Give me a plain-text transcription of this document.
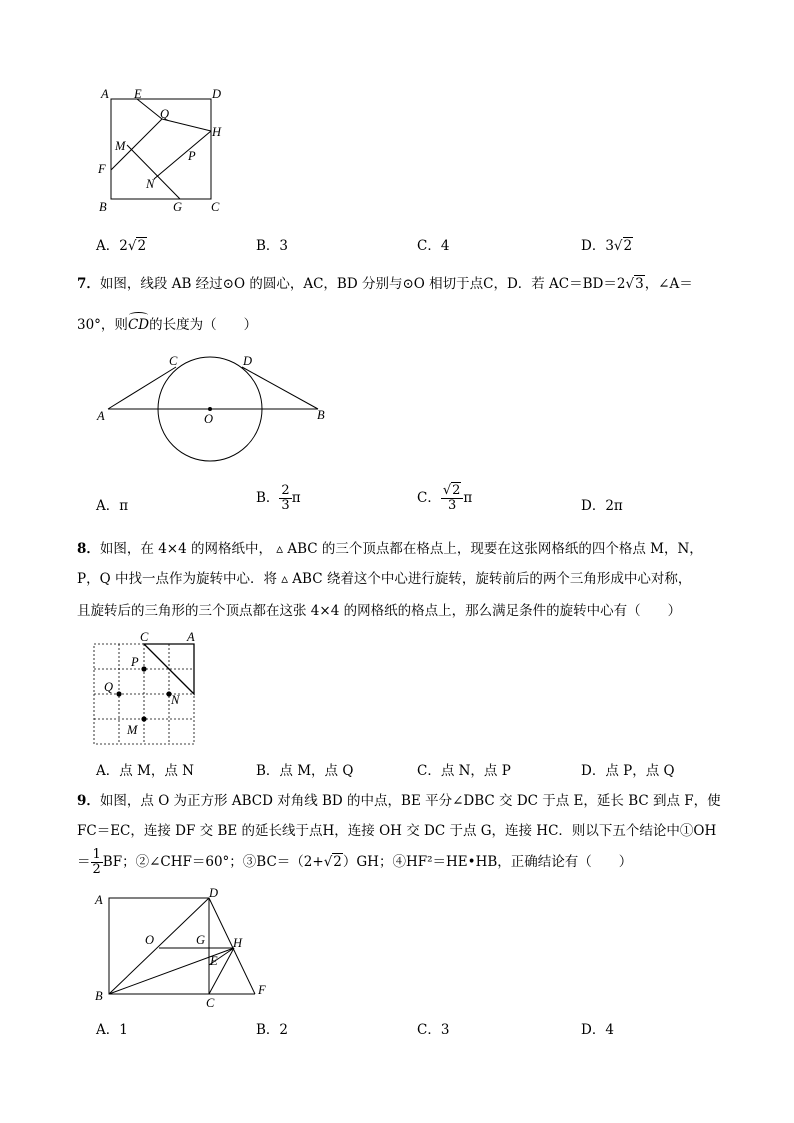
A E	D
Q
H
M
P
F
N
B	G C
A．2√2	B．3	C．4	D．3√2
7．如图，线段 AB 经过⊙O 的圆心，AC，BD 分别与⊙O 相切于点C，D．若 AC＝BD＝2√3，∠A＝
30°，则CD的长度为（　　）
C	D
A	B
O
A．π	B． $\frac{2}{3}$ π	C． $\frac{√2}{3}$ π	D．2π
8．如图，在 4×4 的网格纸中， ▵ ABC 的三个顶点都在格点上，现要在这张网格纸的四个格点 M，N，
P，Q 中找一点作为旋转中心．将 ▵ ABC 绕着这个中心进行旋转，旋转前后的两个三角形成中心对称，
且旋转后的三角形的三个顶点都在这张 4×4 的网格纸的格点上，那么满足条件的旋转中心有（　　）
C	A
P
Q
N
M
A．点 M，点 N	B．点 M，点 Q	C．点 N，点 P	D．点 P，点 Q
9．如图，点 O 为正方形 ABCD 对角线 BD 的中点，BE 平分∠DBC 交 DC 于点 E，延长 BC 到点 F，使
FC＝EC，连接 DF 交 BE 的延长线于点H，连接 OH 交 DC 于点 G，连接 HC．则以下五个结论中①OH
＝ $\frac{1}{2}$ BF；②∠CHF＝60°；③BC＝（2+√2）GH；④HF²＝HE•HB，正确结论有（　　）
A	D
O	G H
E
B	C
F
A．1	B．2	C．3	D．4
